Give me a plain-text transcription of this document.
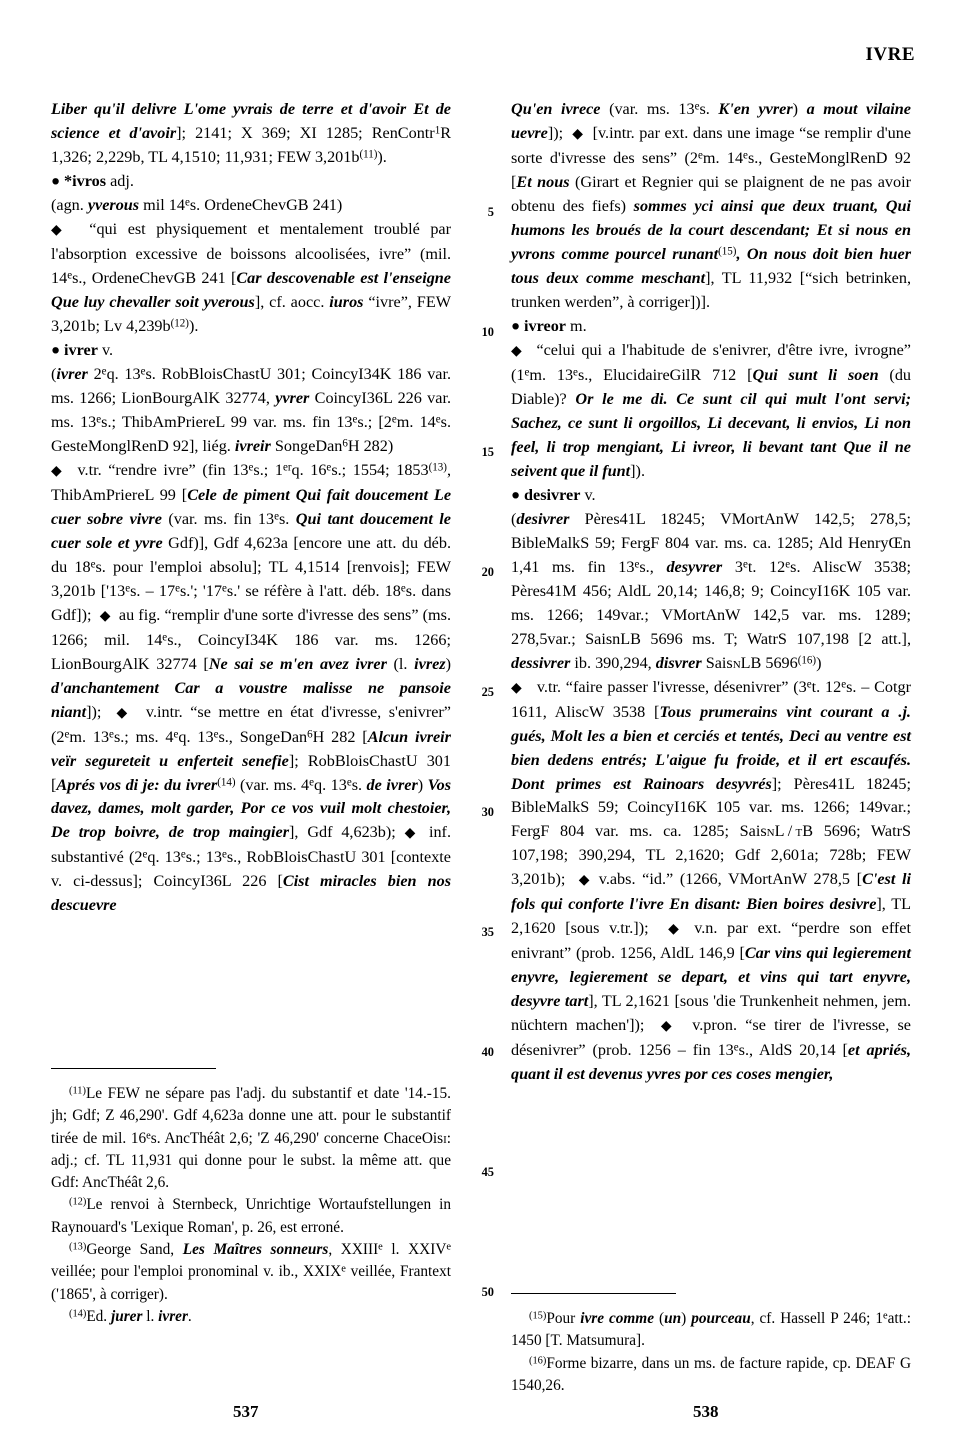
IVRE

Liber qu'il delivre L'ome yvrais de terre et d'avoir Et de science et d'avoir]; 2141; X 369; XI 1285; RenContr$^1$R 1,326; 2,229b, TL 4,1510; 11,931; FEW $3,201b^{(11)}$).

● *ivros adj.

(agn. yverous mil 14es. OrdeneChevGB 241)

◆ “qui est physiquement et mentalement troublé par l'absorption excessive de boissons alcoolisées, ivre” (mil. 14es., OrdeneChevGB 241 [Car descovenable est l'enseigne Que luy chevaller soit yverous], cf. aocc. iuros “ivre”, FEW 3,201b; Lv $4,239b^{(12)}$).

● ivrer v.

(ivrer 2eq. 13es. RobBloisChastU 301; CoincyI34K 186 var. ms. 1266; LionBourgAlK 32774, yvrer CoincyI36L 226 var. ms. 13es.; ThibAmPriereL 99 var. ms. fin 13es.; [2em. 14es. GesteMonglRenD 92], liég. ivreir SongeDan$^6$H 282)

◆ v.tr. “rendre ivre” (fin 13es.; 1erq. 16es.; 1554; 1853$^{(13)}$, ThibAmPriereL 99 [Cele de piment Qui fait doucement Le cuer sobre vivre (var. ms. fin 13es. Qui tant doucement le cuer sole et yvre Gdf)], Gdf 4,623a [encore une att. du déb. du 18es. pour l'emploi absolu]; TL 4,1514 [renvois]; FEW 3,201b ['13es. – 17es.'; '17es.' se réfère à l'att. déb. 18es. dans Gdf]);  ◆  au fig. “remplir d'une sorte d'ivresse des sens” (ms. 1266; mil. 14es., CoincyI34K 186 var. ms. 1266; LionBourgAlK 32774 [Ne sai se m'en avez ivrer (l. ivrez) d'anchantement Car a voustre malisse ne pansoie niant]);  ◆  v.intr. “se mettre en état d'ivresse, s'enivrer” (2em. 13es.; ms. 4eq. 13es., SongeDan$^6$H 282 [Alcun ivreir veïr segureteit u enferteit senefie]; RobBloisChastU 301 [Aprés vos di je: du ivrer$^{(14)}$ (var. ms. 4eq. 13es. de ivrer) Vos davez, dames, molt garder, Por ce vos vuil molt chestoier, De trop boivre, de trop maingier], Gdf 4,623b); ◆ inf. substantivé (2eq. 13es.; 13es., RobBloisChastU 301 [contexte v. ci-dessus]; CoincyI36L 226 [Cist miracles bien nos descuevre

Qu'en ivrece (var. ms. 13es. K'en yvrer) a mout vilaine uevre]);  ◆  [v.intr. par ext. dans une image “se remplir d'une sorte d'ivresse des sens” (2em. 14es., GesteMonglRenD 92 [Et nous (Girart et Regnier qui se plaignent de ne pas avoir obtenu des fiefs) sommes yci ainsi que deux truant, Qui humons les broués de la court descendant; Et si nous en yvrons comme pourcel runant$^{(15)}$, On nous doit bien huer tous deux comme meschant], TL 11,932 [“sich betrinken, trunken werden”, à corriger])].

● ivreor m.

◆ “celui qui a l'habitude de s'enivrer, d'être ivre, ivrogne” (1em. 13es., ElucidaireGilR 712 [Qui sunt li soen (du Diable)? Or le me di. Ce sunt cil qui mult l'ont servi; Sachez, ce sunt li orgoillos, Li decevant, li envios, Li non feel, li trop mengiant, Li ivreor, li bevant tant Que il ne seivent que il funt]).

● desivrer v.

(desivrer Pères41L 18245; VMortAnW 142,5; 278,5; BibleMalkS 59; FergF 804 var. ms. ca. 1285; Ald HenryŒn 1,41 ms. fin 13es., desyvrer 3et. 12es. AliscW 3538; Pères41M 456; AldL 20,14; 146,8; 9; CoincyI16K 105 var. ms. 1266; 149var.; VMortAnW 142,5 var. ms. 1289; 278,5var.; SaisnLB 5696 ms. T; WatrS 107,198 [2 att.], dessivrer ib. 390,294, disvrer SaisnLB 5696$^{(16)}$)

◆ v.tr. “faire passer l'ivresse, désenivrer” (3et. 12es. – Cotgr 1611, AliscW 3538 [Tous prumerains vint courant a .j. gués, Molt les a bien et cerciés et tentés, Deci au ventre est bien dedens entrés; L'aigue fu froide, et il ert escaufés. Dont primes est Rainoars desyvrés]; Pères41L 18245; BibleMalkS 59; CoincyI16K 105 var. ms. 1266; 149var.; FergF 804 var. ms. ca. 1285; SaisnL / tB 5696; WatrS 107,198; 390,294, TL 2,1620; Gdf 2,601a; 728b; FEW 3,201b);  ◆ v.abs. “id.” (1266, VMortAnW 278,5 [C'est li fols qui conforte l'ivre En disant: Bien boires desivre], TL 2,1620 [sous v.tr.]);  ◆ v.n. par ext. “perdre son effet enivrant” (prob. 1256, AldL 146,9 [Car vins qui legierement enyvre, legierement se depart, et vins qui tart enyvre, desyvre tart], TL 2,1621 [sous 'die Trunkenheit nehmen, jem. nüchtern machen']);  ◆  v.pron. “se tirer de l'ivresse, se désenivrer” (prob. 1256 – fin 13es., AldS 20,14 [et apriés, quant il est devenus yvres por ces coses mengier,

$^{(11)}$Le FEW ne sépare pas l'adj. du substantif et date '14.-15. jh; Gdf; Z 46,290'. Gdf 4,623a donne une att. pour le substantif tirée de mil. 16es. AncThéât 2,6; 'Z 46,290' concerne ChaceOisi: adj.; cf. TL 11,931 qui donne pour le subst. la même att. que Gdf: AncThéât 2,6.

$^{(12)}$Le renvoi à Sternbeck, Unrichtige Wortaufstellungen in Raynouard's 'Lexique Roman', p. 26, est erroné.

$^{(13)}$George Sand, Les Maîtres sonneurs, XXIIIe l. XXIVe veillée; pour l'emploi pronominal v. ib., XXIXe veillée, Frantext ('1865', à corriger).

$^{(14)}$Ed. jurer l. ivrer.	$^{(15)}$Pour ivre comme (un) pourceau, cf. Hassell P 246; 1eatt.: 1450 [T. Matsumura].

$^{(16)}$Forme bizarre, dans un ms. de facture rapide, cp. DEAF G 1540,26.

5
10
15
20
25
30
35
40
45
50
537	538
